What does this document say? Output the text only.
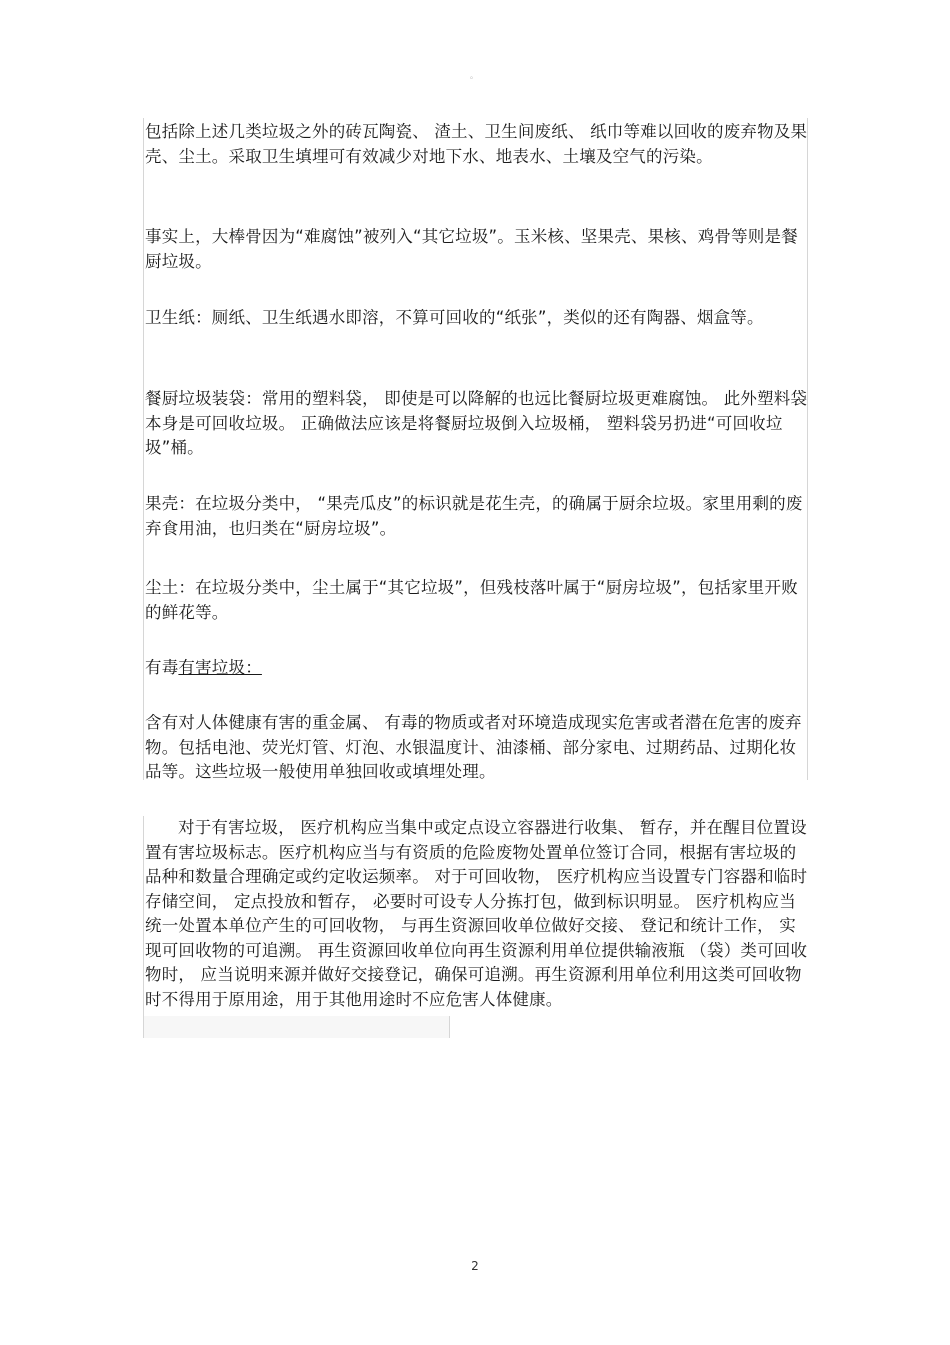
。

包括除上述几类垃圾之外的砖瓦陶瓷、 渣土、卫生间废纸、 纸巾等难以回收的废弃物及果壳、尘土。采取卫生填埋可有效减少对地下水、地表水、土壤及空气的污染。

事实上，大棒骨因为“难腐蚀”被列入“其它垃圾”。玉米核、坚果壳、果核、鸡骨等则是餐厨垃圾。

卫生纸：厕纸、卫生纸遇水即溶，不算可回收的“纸张”，类似的还有陶器、烟盒等。

餐厨垃圾装袋：常用的塑料袋， 即使是可以降解的也远比餐厨垃圾更难腐蚀。 此外塑料袋本身是可回收垃圾。 正确做法应该是将餐厨垃圾倒入垃圾桶， 塑料袋另扔进“可回收垃圾”桶。

果壳：在垃圾分类中， “果壳瓜皮”的标识就是花生壳，的确属于厨余垃圾。家里用剩的废弃食用油，也归类在“厨房垃圾”。

尘土：在垃圾分类中，尘土属于“其它垃圾”，但残枝落叶属于“厨房垃圾”，包括家里开败的鲜花等。

有毒有害垃圾：

含有对人体健康有害的重金属、 有毒的物质或者对环境造成现实危害或者潜在危害的废弃物。包括电池、荧光灯管、灯泡、水银温度计、油漆桶、部分家电、过期药品、过期化妆品等。这些垃圾一般使用单独回收或填埋处理。

对于有害垃圾， 医疗机构应当集中或定点设立容器进行收集、 暂存，并在醒目位置设置有害垃圾标志。医疗机构应当与有资质的危险废物处置单位签订合同，根据有害垃圾的品种和数量合理确定或约定收运频率。 对于可回收物， 医疗机构应当设置专门容器和临时存储空间， 定点投放和暂存， 必要时可设专人分拣打包，做到标识明显。 医疗机构应当统一处置本单位产生的可回收物， 与再生资源回收单位做好交接、 登记和统计工作， 实现可回收物的可追溯。 再生资源回收单位向再生资源利用单位提供输液瓶 （袋）类可回收物时， 应当说明来源并做好交接登记，确保可追溯。再生资源利用单位利用这类可回收物时不得用于原用途，用于其他用途时不应危害人体健康。

2
